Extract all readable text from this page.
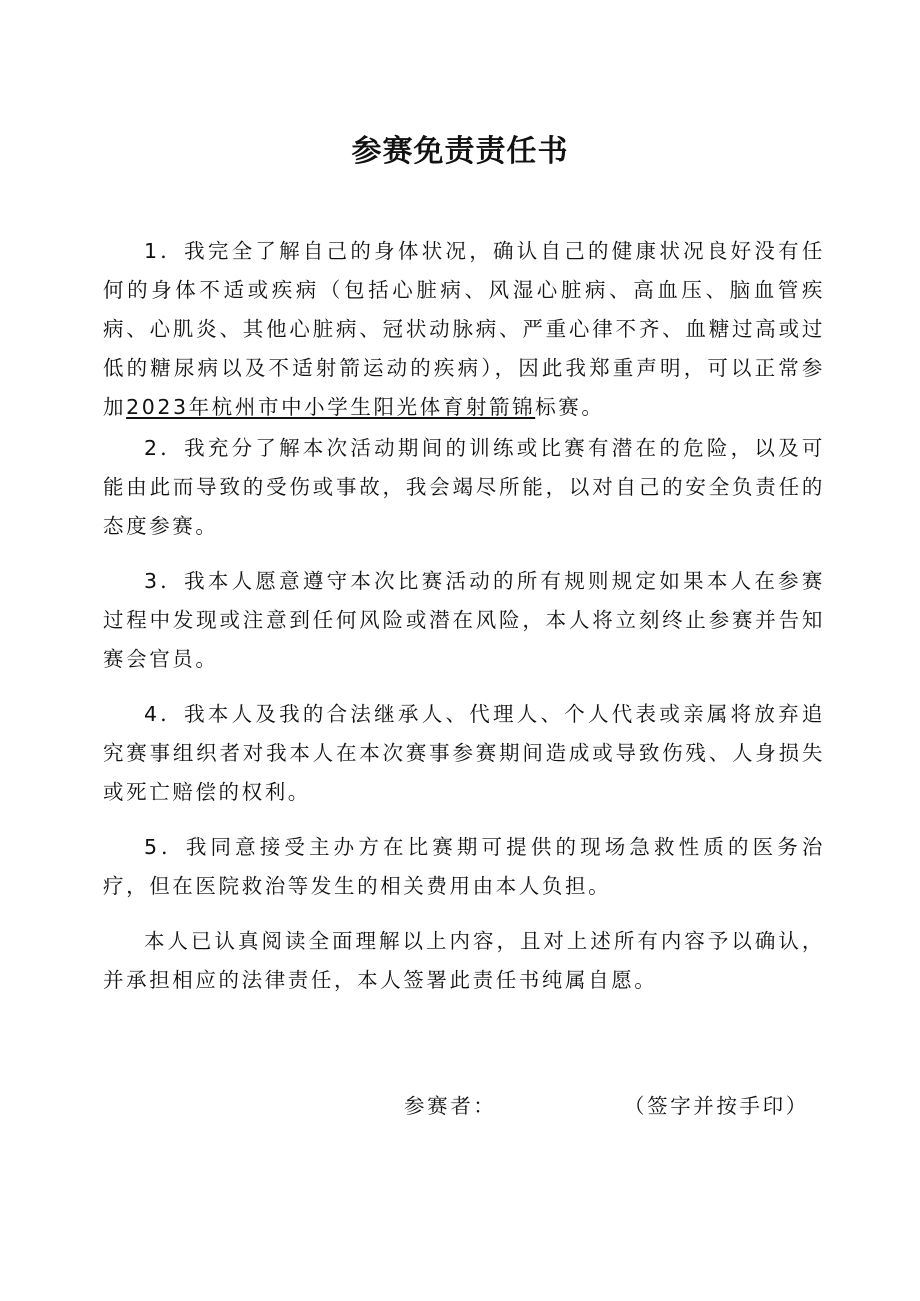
参赛免责责任书

1．我完全了解自己的身体状况，确认自己的健康状况良好没有任何的身体不适或疾病（包括心脏病、风湿心脏病、高血压、脑血管疾病、心肌炎、其他心脏病、冠状动脉病、严重心律不齐、血糖过高或过低的糖尿病以及不适射箭运动的疾病），因此我郑重声明，可以正常参加2023年杭州市中小学生阳光体育射箭锦标赛。

2．我充分了解本次活动期间的训练或比赛有潜在的危险，以及可能由此而导致的受伤或事故，我会竭尽所能，以对自己的安全负责任的态度参赛。

3．我本人愿意遵守本次比赛活动的所有规则规定如果本人在参赛过程中发现或注意到任何风险或潜在风险，本人将立刻终止参赛并告知赛会官员。

4．我本人及我的合法继承人、代理人、个人代表或亲属将放弃追究赛事组织者对我本人在本次赛事参赛期间造成或导致伤残、人身损失或死亡赔偿的权利。

5．我同意接受主办方在比赛期可提供的现场急救性质的医务治疗，但在医院救治等发生的相关费用由本人负担。

本人已认真阅读全面理解以上内容，且对上述所有内容予以确认，并承担相应的法律责任，本人签署此责任书纯属自愿。

参赛者：	（签字并按手印）
